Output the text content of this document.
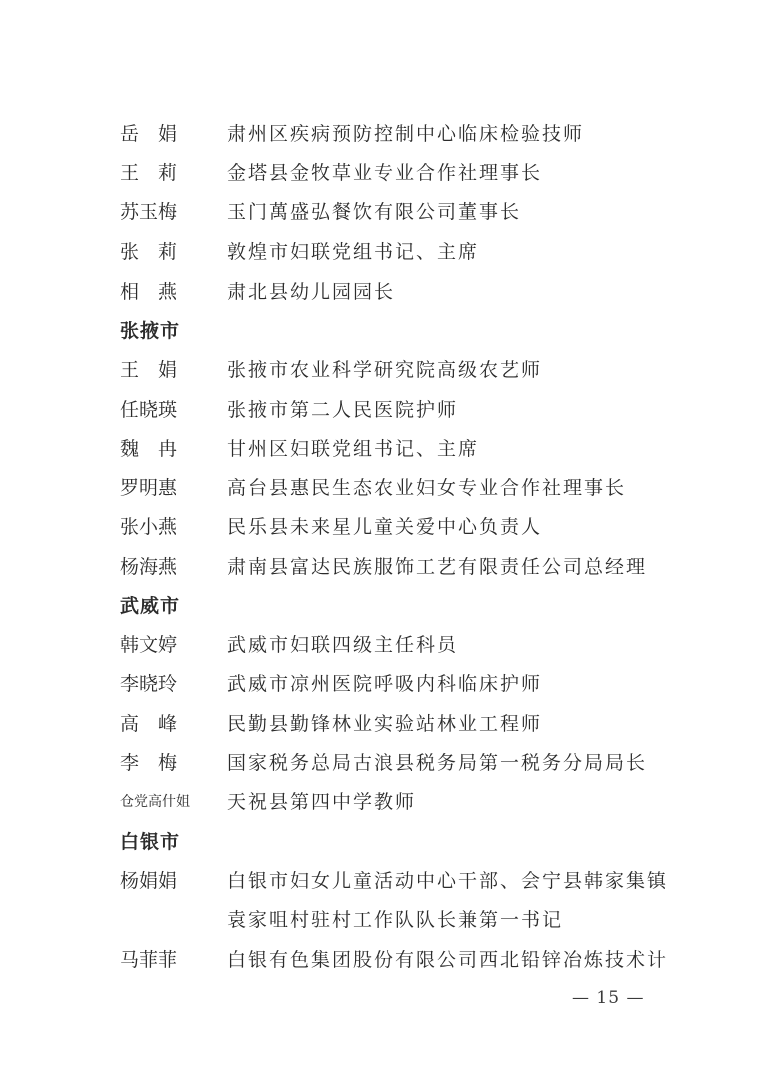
岳　娟	肃州区疾病预防控制中心临床检验技师
王　莉	金塔县金牧草业专业合作社理事长
苏玉梅	玉门萬盛弘餐饮有限公司董事长
张　莉	敦煌市妇联党组书记、主席
相　燕	肃北县幼儿园园长
张掖市
王　娟	张掖市农业科学研究院高级农艺师
任晓瑛	张掖市第二人民医院护师
魏　冉	甘州区妇联党组书记、主席
罗明惠	高台县惠民生态农业妇女专业合作社理事长
张小燕	民乐县未来星儿童关爱中心负责人
杨海燕	肃南县富达民族服饰工艺有限责任公司总经理
武威市
韩文婷	武威市妇联四级主任科员
李晓玲	武威市凉州医院呼吸内科临床护师
高　峰	民勤县勤锋林业实验站林业工程师
李　梅	国家税务总局古浪县税务局第一税务分局局长
仓党高什姐	天祝县第四中学教师
白银市
杨娟娟	白银市妇女儿童活动中心干部、会宁县韩家集镇
袁家咀村驻村工作队队长兼第一书记
马菲菲	白银有色集团股份有限公司西北铅锌冶炼技术计
— 15 —
